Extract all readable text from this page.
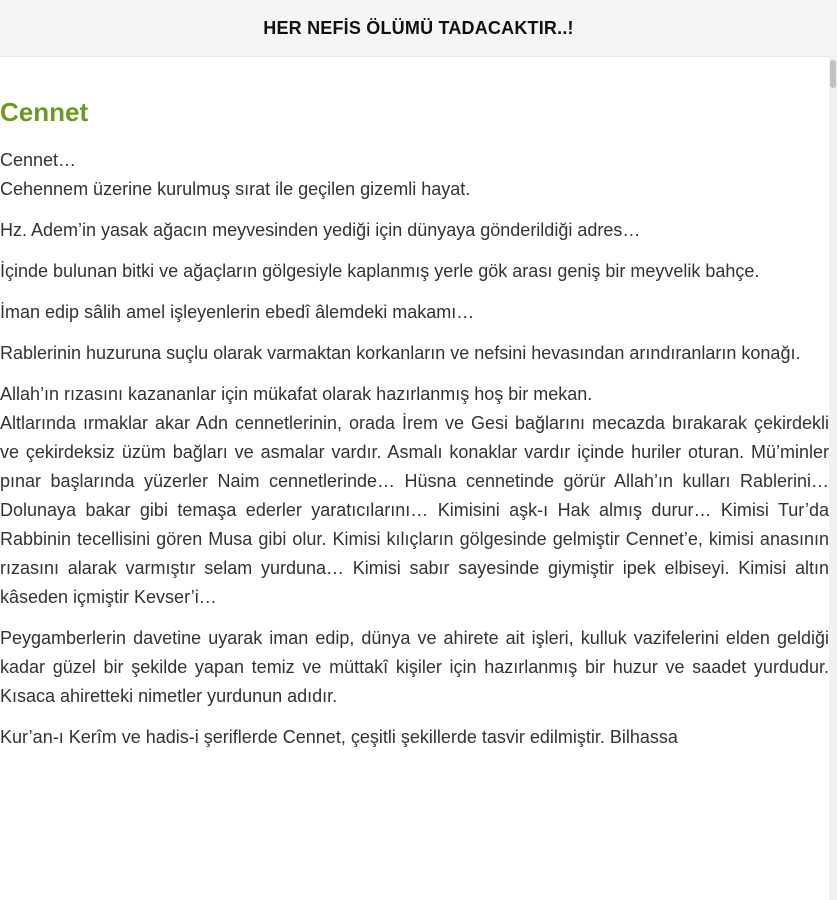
HER NEFİS ÖLÜMÜ TADACAKTIR..!
Cennet

Cennet…
Cehennem üzerine kurulmuş sırat ile geçilen gizemli hayat.

Hz. Adem’in yasak ağacın meyvesinden yediği için dünyaya gönderildiği adres…

İçinde bulunan bitki ve ağaçların gölgesiyle kaplanmış yerle gök arası geniş bir meyvelik bahçe.

İman edip sâlih amel işleyenlerin ebedî âlemdeki makamı…

Rablerinin huzuruna suçlu olarak varmaktan korkanların ve nefsini hevasından arındıranların konağı.

Allah’ın rızasını kazananlar için mükafat olarak hazırlanmış hoş bir mekan.
Altlarında ırmaklar akar Adn cennetlerinin, orada İrem ve Gesi bağlarını mecazda bırakarak çekirdekli ve çekirdeksiz üzüm bağları ve asmalar vardır. Asmalı konaklar vardır içinde huriler oturan. Mü’minler pınar başlarında yüzerler Naim cennetlerinde… Hüsna cennetinde görür Allah’ın kulları Rablerini… Dolunaya bakar gibi temaşa ederler yaratıcılarını… Kimisini aşk-ı Hak almış durur… Kimisi Tur’da Rabbinin tecellisini gören Musa gibi olur. Kimisi kılıçların gölgesinde gelmiştir Cennet’e, kimisi anasının rızasını alarak varmıştır selam yurduna… Kimisi sabır sayesinde giymiştir ipek elbiseyi. Kimisi altın kâseden içmiştir Kevser’i…

Peygamberlerin davetine uyarak iman edip, dünya ve ahirete ait işleri, kulluk vazifelerini elden geldiği kadar güzel bir şekilde yapan temiz ve müttakî kişiler için hazırlanmış bir huzur ve saadet yurdudur. Kısaca ahiretteki nimetler yurdunun adıdır.

Kur’an-ı Kerîm ve hadis-i şeriflerde Cennet, çeşitli şekillerde tasvir edilmiştir. Bilhassa
